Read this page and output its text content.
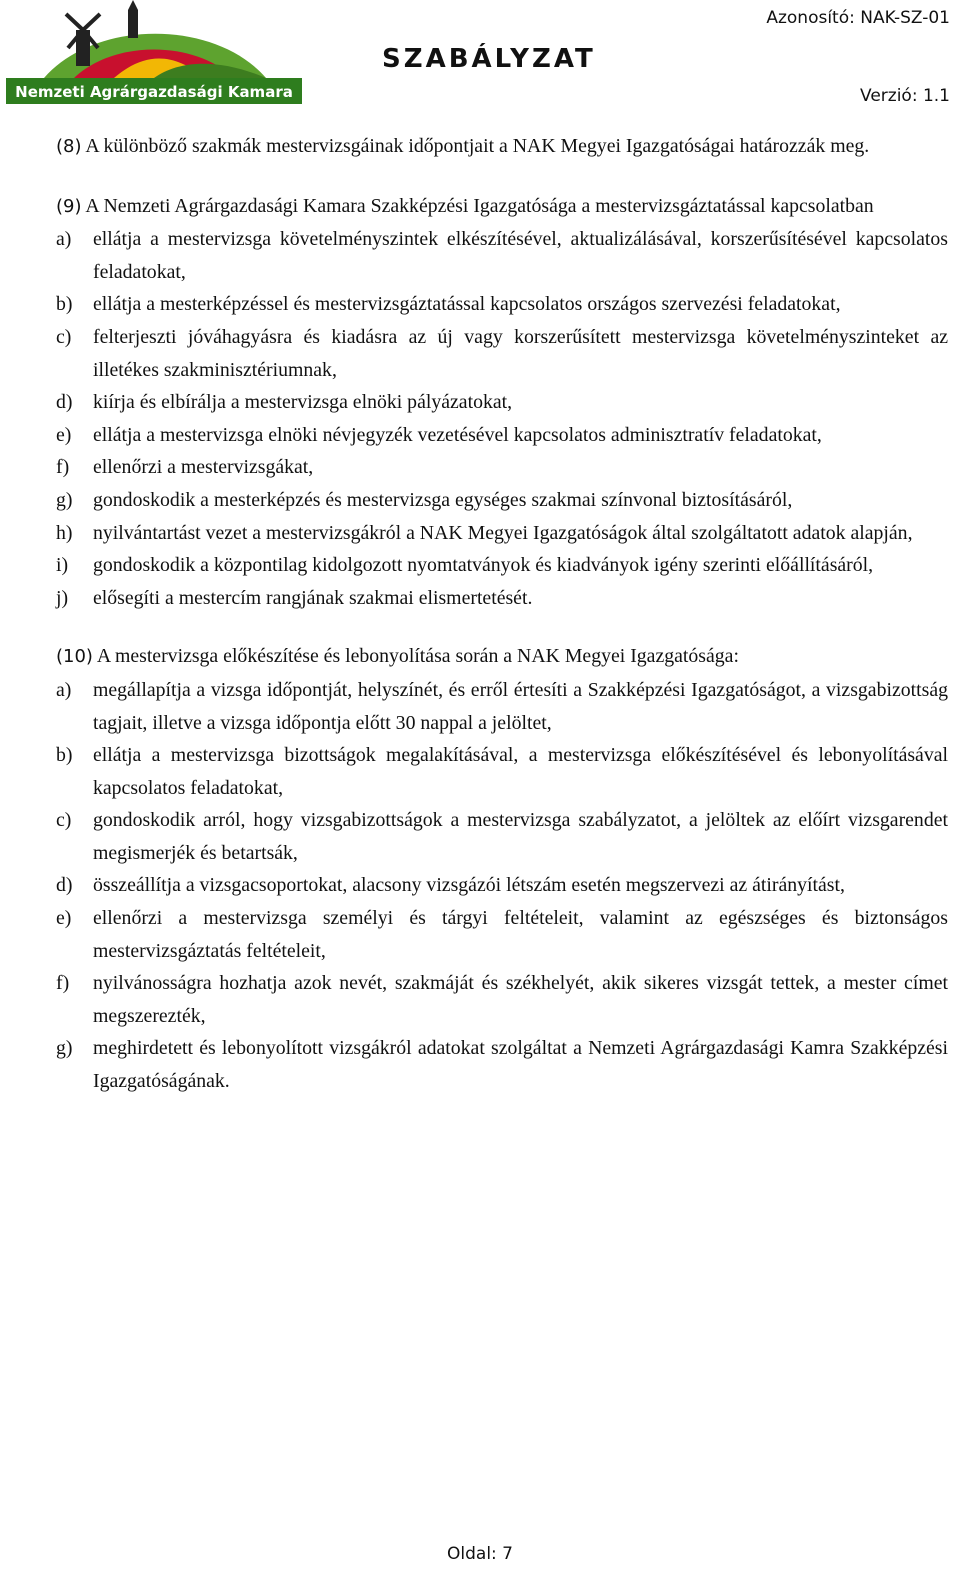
Nemzeti Agrárgazdasági Kamara
SZABÁLYZAT
Azonosító: NAK-SZ-01
Verzió: 1.1

(8) A különböző szakmák mestervizsgáinak időpontjait a NAK Megyei Igazgatóságai határozzák meg.

(9) A Nemzeti Agrárgazdasági Kamara Szakképzési Igazgatósága a mestervizsgáztatással kapcsolatban

a)	ellátja a mestervizsga követelményszintek elkészítésével, aktualizálásával, korszerűsítésével kapcsolatos feladatokat,
b)	ellátja a mesterképzéssel és mestervizsgáztatással kapcsolatos országos szervezési feladatokat,
c)	felterjeszti jóváhagyásra és kiadásra az új vagy korszerűsített mestervizsga követelményszinteket az illetékes szakminisztériumnak,
d)	kiírja és elbírálja a mestervizsga elnöki pályázatokat,
e)	ellátja a mestervizsga elnöki névjegyzék vezetésével kapcsolatos adminisztratív feladatokat,
f)	ellenőrzi a mestervizsgákat,
g)	gondoskodik a mesterképzés és mestervizsga egységes szakmai színvonal biztosításáról,
h)	nyilvántartást vezet a mestervizsgákról a NAK Megyei Igazgatóságok által szolgáltatott adatok alapján,
i)	gondoskodik a központilag kidolgozott nyomtatványok és kiadványok igény szerinti előállításáról,
j)	elősegíti a mestercím rangjának szakmai elismertetését.

(10) A mestervizsga előkészítése és lebonyolítása során a NAK Megyei Igazgatósága:

a)	megállapítja a vizsga időpontját, helyszínét, és erről értesíti a Szakképzési Igazgatóságot, a vizsgabizottság tagjait, illetve a vizsga időpontja előtt 30 nappal a jelöltet,
b)	ellátja a mestervizsga bizottságok megalakításával, a mestervizsga előkészítésével és lebonyolításával kapcsolatos feladatokat,
c)	gondoskodik arról, hogy vizsgabizottságok a mestervizsga szabályzatot, a jelöltek az előírt vizsgarendet megismerjék és betartsák,
d)	összeállítja a vizsgacsoportokat, alacsony vizsgázói létszám esetén megszervezi az átirányítást,
e)	ellenőrzi a mestervizsga személyi és tárgyi feltételeit, valamint az egészséges és biztonságos mestervizsgáztatás feltételeit,
f)	nyilvánosságra hozhatja azok nevét, szakmáját és székhelyét, akik sikeres vizsgát tettek, a mester címet megszerezték,
g)	meghirdetett és lebonyolított vizsgákról adatokat szolgáltat a Nemzeti Agrárgazdasági Kamra Szakképzési Igazgatóságának.
Oldal: 7
